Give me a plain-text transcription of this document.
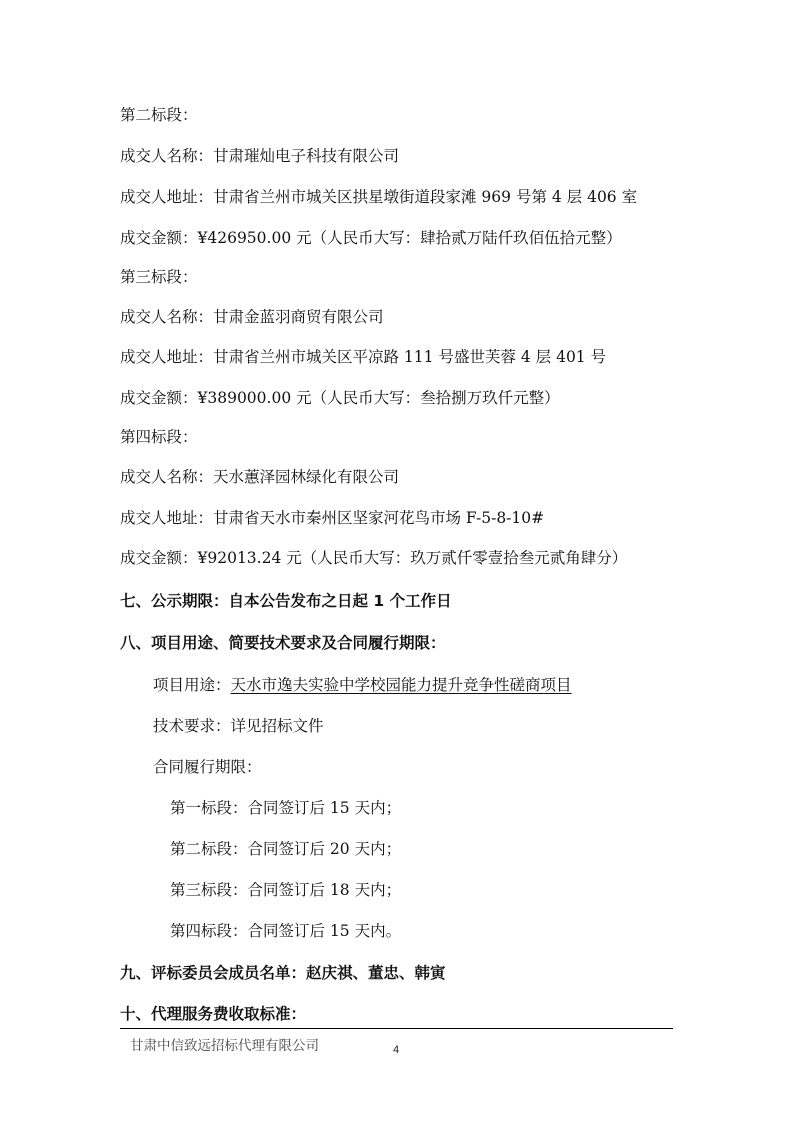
第二标段：
成交人名称：甘肃璀灿电子科技有限公司
成交人地址：甘肃省兰州市城关区拱星墩街道段家滩 969 号第 4 层 406 室
成交金额：¥426950.00 元（人民币大写：肆拾贰万陆仟玖佰伍拾元整）
第三标段：
成交人名称：甘肃金蓝羽商贸有限公司
成交人地址：甘肃省兰州市城关区平凉路 111 号盛世芙蓉 4 层 401 号
成交金额：¥389000.00 元（人民币大写：叁拾捌万玖仟元整）
第四标段：
成交人名称：天水蕙泽园林绿化有限公司
成交人地址：甘肃省天水市秦州区坚家河花鸟市场 F-5-8-10#
成交金额：¥92013.24 元（人民币大写：玖万贰仟零壹拾叁元贰角肆分）
七、公示期限：自本公告发布之日起 1 个工作日
八、项目用途、简要技术要求及合同履行期限：
项目用途：天水市逸夫实验中学校园能力提升竞争性磋商项目
技术要求：详见招标文件
合同履行期限：
第一标段：合同签订后 15 天内；
第二标段：合同签订后 20 天内；
第三标段：合同签订后 18 天内；
第四标段：合同签订后 15 天内。
九、评标委员会成员名单：赵庆祺、董忠、韩寅
十、代理服务费收取标准：
甘肃中信致远招标代理有限公司	4
